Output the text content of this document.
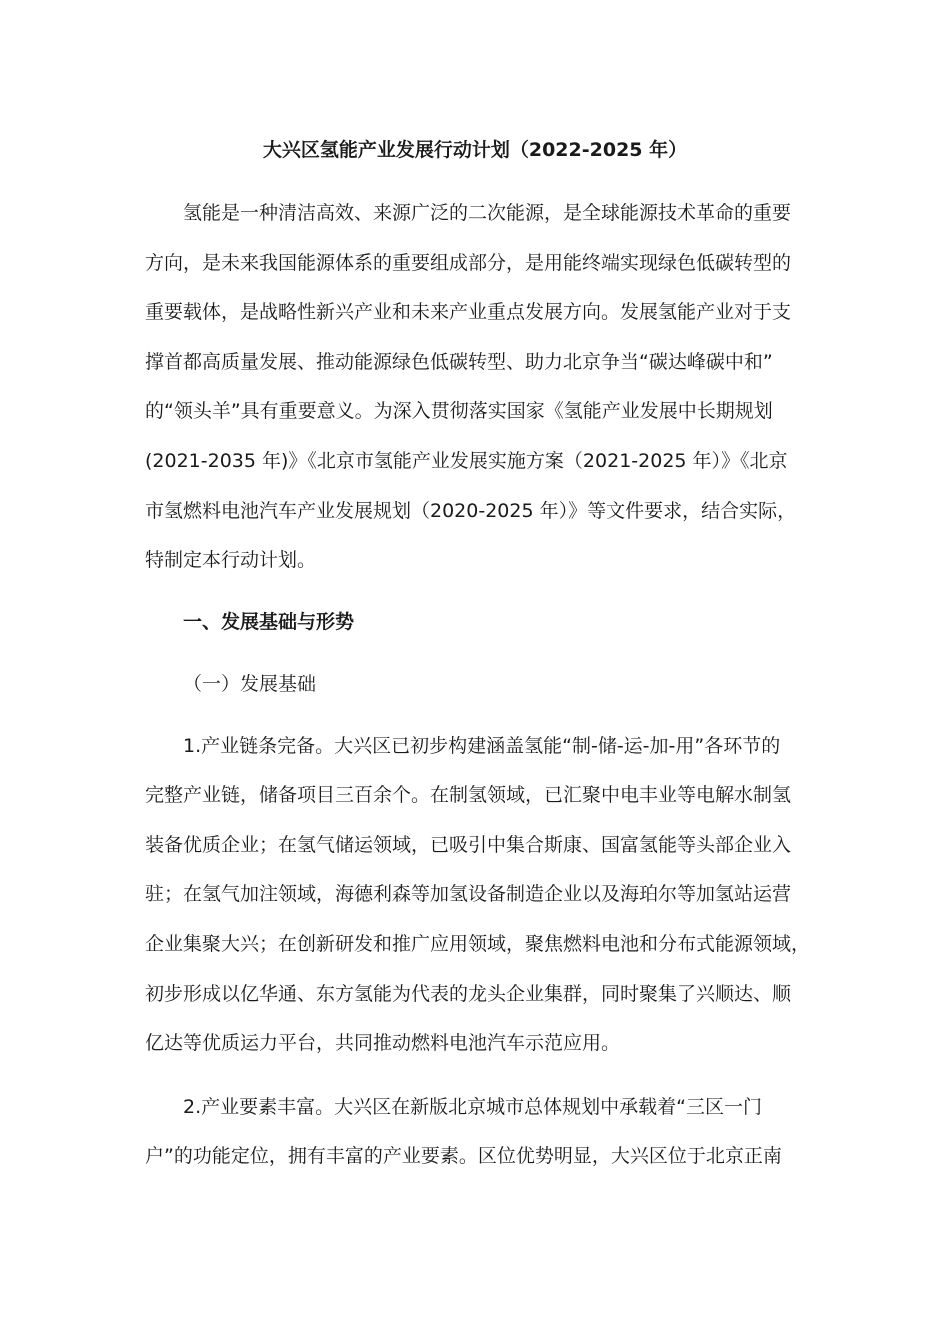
大兴区氢能产业发展行动计划（2022-2025 年）

氢能是一种清洁高效、来源广泛的二次能源，是全球能源技术革命的重要

方向，是未来我国能源体系的重要组成部分，是用能终端实现绿色低碳转型的

重要载体，是战略性新兴产业和未来产业重点发展方向。发展氢能产业对于支

撑首都高质量发展、推动能源绿色低碳转型、助力北京争当“碳达峰碳中和”

的“领头羊”具有重要意义。为深入贯彻落实国家《氢能产业发展中长期规划

(2021-2035 年)》《北京市氢能产业发展实施方案（2021-2025 年）》《北京

市氢燃料电池汽车产业发展规划（2020-2025 年）》等文件要求，结合实际，

特制定本行动计划。

一、发展基础与形势
（一）发展基础

1.产业链条完备。大兴区已初步构建涵盖氢能“制-储-运-加-用”各环节的

完整产业链，储备项目三百余个。在制氢领域，已汇聚中电丰业等电解水制氢

装备优质企业；在氢气储运领域，已吸引中集合斯康、国富氢能等头部企业入

驻；在氢气加注领域，海德利森等加氢设备制造企业以及海珀尔等加氢站运营

企业集聚大兴；在创新研发和推广应用领域，聚焦燃料电池和分布式能源领域，

初步形成以亿华通、东方氢能为代表的龙头企业集群，同时聚集了兴顺达、顺

亿达等优质运力平台，共同推动燃料电池汽车示范应用。

2.产业要素丰富。大兴区在新版北京城市总体规划中承载着“三区一门

户”的功能定位，拥有丰富的产业要素。区位优势明显，大兴区位于北京正南
